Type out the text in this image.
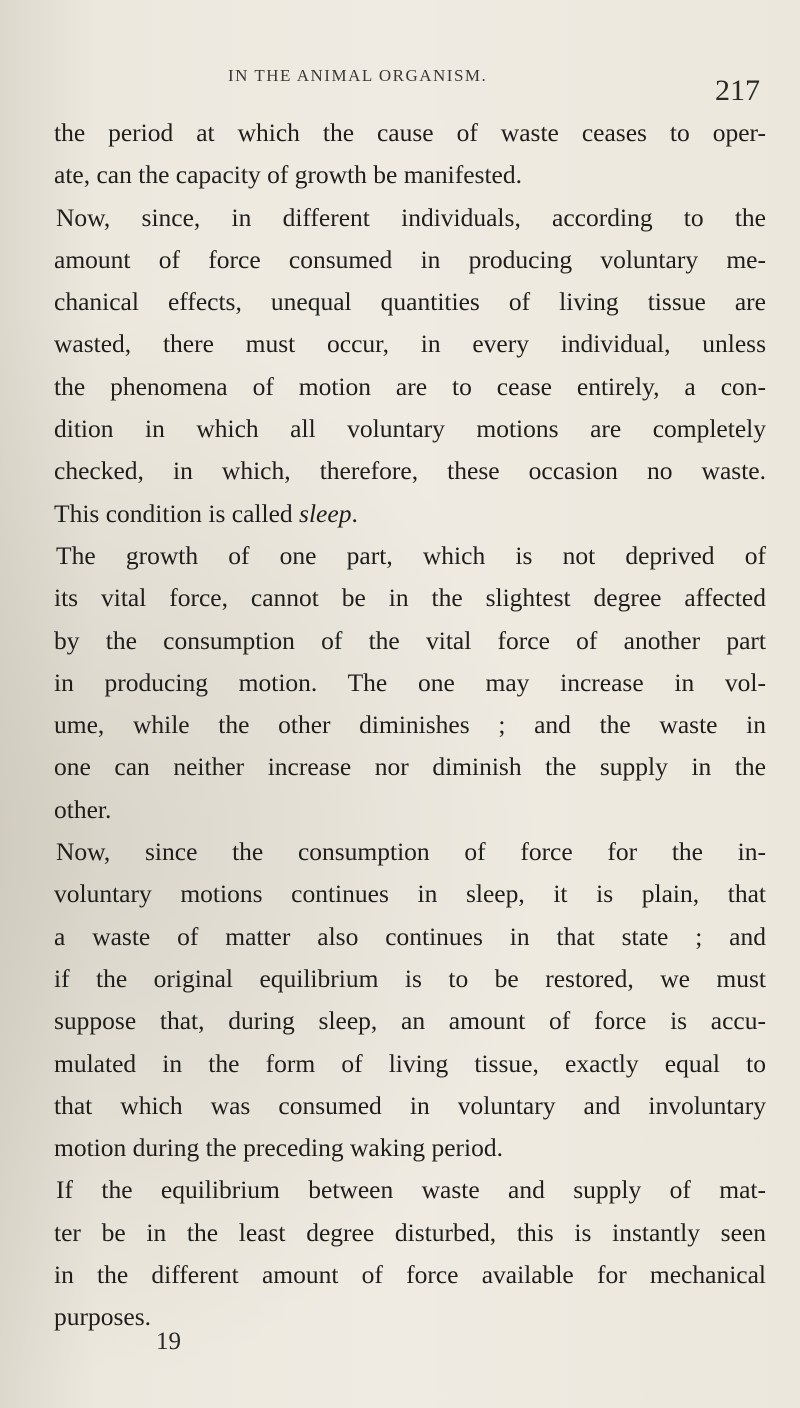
IN THE ANIMAL ORGANISM.	217
the period at which the cause of waste ceases to oper-
ate, can the capacity of growth be manifested.
Now, since, in different individuals, according to the
amount of force consumed in producing voluntary me-
chanical effects, unequal quantities of living tissue are
wasted, there must occur, in every individual, unless
the phenomena of motion are to cease entirely, a con-
dition in which all voluntary motions are completely
checked, in which, therefore, these occasion no waste.
This condition is called sleep.
The growth of one part, which is not deprived of
its vital force, cannot be in the slightest degree affected
by the consumption of the vital force of another part
in producing motion. The one may increase in vol-
ume, while the other diminishes ; and the waste in
one can neither increase nor diminish the supply in the
other.
Now, since the consumption of force for the in-
voluntary motions continues in sleep, it is plain, that
a waste of matter also continues in that state ; and
if the original equilibrium is to be restored, we must
suppose that, during sleep, an amount of force is accu-
mulated in the form of living tissue, exactly equal to
that which was consumed in voluntary and involuntary
motion during the preceding waking period.
If the equilibrium between waste and supply of mat-
ter be in the least degree disturbed, this is instantly seen
in the different amount of force available for mechanical
purposes.
19
